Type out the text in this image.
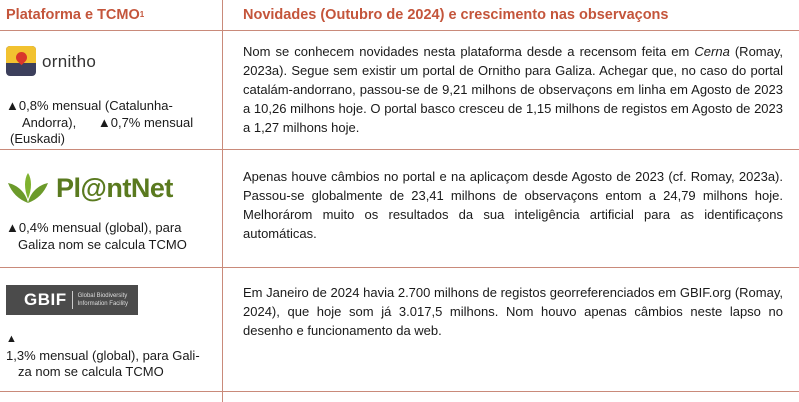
Plataforma e TCMO 1	Novidades (Outubro de 2024) e crescimento nas observaçons
ornitho
▲0,8% mensual (Catalunha-
Andorra),      ▲0,7% mensual
(Euskadi)
Nom se conhecem novidades nesta plataforma desde a recensom feita em Cerna (Romay, 2023a). Segue sem existir um portal de Ornitho para Galiza. Achegar que, no caso do portal catalám-andorrano, passou-se de 9,21 milhons de observaçons em linha em Agosto de 2023 a 10,26 milhons hoje. O portal basco cresceu de 1,15 milhons de registos em Agosto de 2023 a 1,27 milhons hoje.
Pl@ntNet
▲0,4% mensual (global), para
Galiza nom se calcula TCMO
Apenas houve câmbios no portal e na aplicaçom desde Agosto de 2023 (cf. Romay, 2023a). Passou-se globalmente de 23,41 milhons de observaçons entom a 24,79 milhons hoje. Melhorárom muito os resultados da sua inteligência artificial para as identificaçons automáticas.
GBIF Global Biodiversity
Information Facility
▲
1,3% mensual (global), para Gali-
za nom se calcula TCMO
Em Janeiro de 2024 havia 2.700 milhons de registos georreferenciados em GBIF.org (Romay, 2024), que hoje som já 3.017,5 milhons. Nom houvo apenas câmbios neste lapso no desenho e funcionamento da web.
